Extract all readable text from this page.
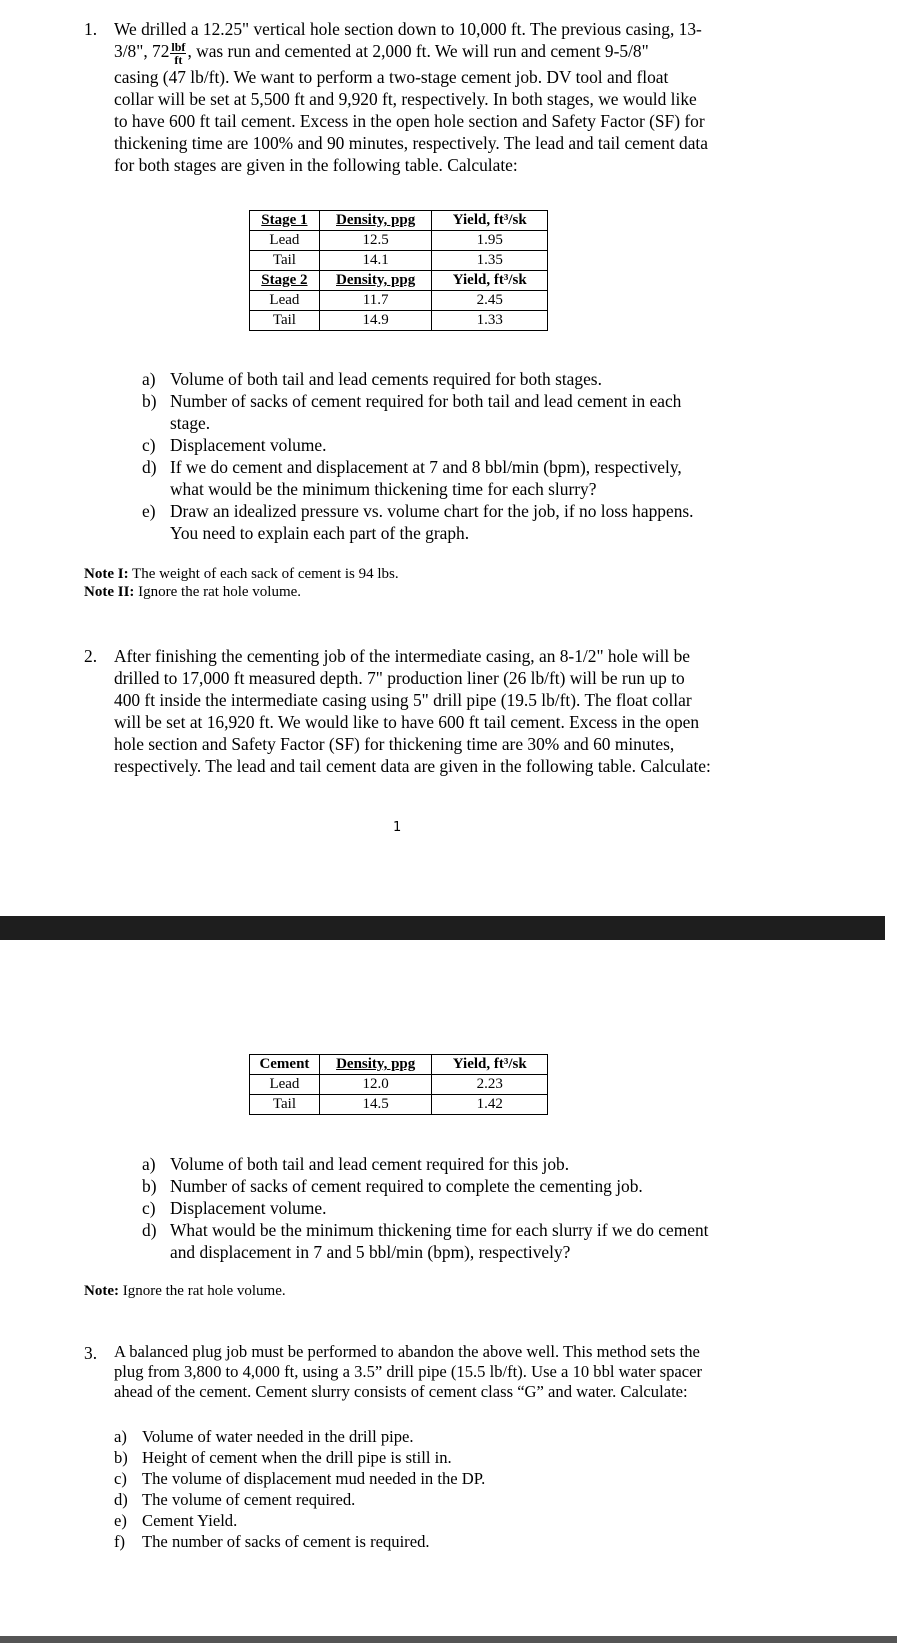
1. We drilled a 12.25" vertical hole section down to 10,000 ft. The previous casing, 13-
3/8", $72 \frac{\text{lbf}}{ft}$ , was run and cemented at 2,000 ft. We will run and cement 9-5/8"
casing (47 lb/ft). We want to perform a two-stage cement job. DV tool and float
collar will be set at 5,500 ft and 9,920 ft, respectively. In both stages, we would like
to have 600 ft tail cement. Excess in the open hole section and Safety Factor (SF) for
thickening time are 100% and 90 minutes, respectively. The lead and tail cement data
for both stages are given in the following table. Calculate:
Stage 1	Density, ppg	Yield, ft³/sk
Lead	12.5	1.95
Tail	14.1	1.35
Stage 2	Density, ppg	Yield, ft³/sk
Lead	11.7	2.45
Tail	14.9	1.33
a) Volume of both tail and lead cements required for both stages.
b) Number of sacks of cement required for both tail and lead cement in each
stage.
c) Displacement volume.
d) If we do cement and displacement at 7 and 8 bbl/min (bpm), respectively,
what would be the minimum thickening time for each slurry?
e) Draw an idealized pressure vs. volume chart for the job, if no loss happens.
You need to explain each part of the graph.
Note I: The weight of each sack of cement is 94 lbs.
Note II: Ignore the rat hole volume.
2. After finishing the cementing job of the intermediate casing, an 8-1/2" hole will be
drilled to 17,000 ft measured depth. 7" production liner (26 lb/ft) will be run up to
400 ft inside the intermediate casing using 5" drill pipe (19.5 lb/ft). The float collar
will be set at 16,920 ft. We would like to have 600 ft tail cement. Excess in the open
hole section and Safety Factor (SF) for thickening time are 30% and 60 minutes,
respectively. The lead and tail cement data are given in the following table. Calculate:
1
Cement	Density, ppg	Yield, ft³/sk
Lead	12.0	2.23
Tail	14.5	1.42
a) Volume of both tail and lead cement required for this job.
b) Number of sacks of cement required to complete the cementing job.
c) Displacement volume.
d) What would be the minimum thickening time for each slurry if we do cement
and displacement in 7 and 5 bbl/min (bpm), respectively?
Note: Ignore the rat hole volume.
3. A balanced plug job must be performed to abandon the above well. This method sets the
plug from 3,800 to 4,000 ft, using a 3.5” drill pipe (15.5 lb/ft). Use a 10 bbl water spacer
ahead of the cement. Cement slurry consists of cement class “G” and water. Calculate:
a) Volume of water needed in the drill pipe.
b) Height of cement when the drill pipe is still in.
c) The volume of displacement mud needed in the DP.
d) The volume of cement required.
e) Cement Yield.
f) The number of sacks of cement is required.
